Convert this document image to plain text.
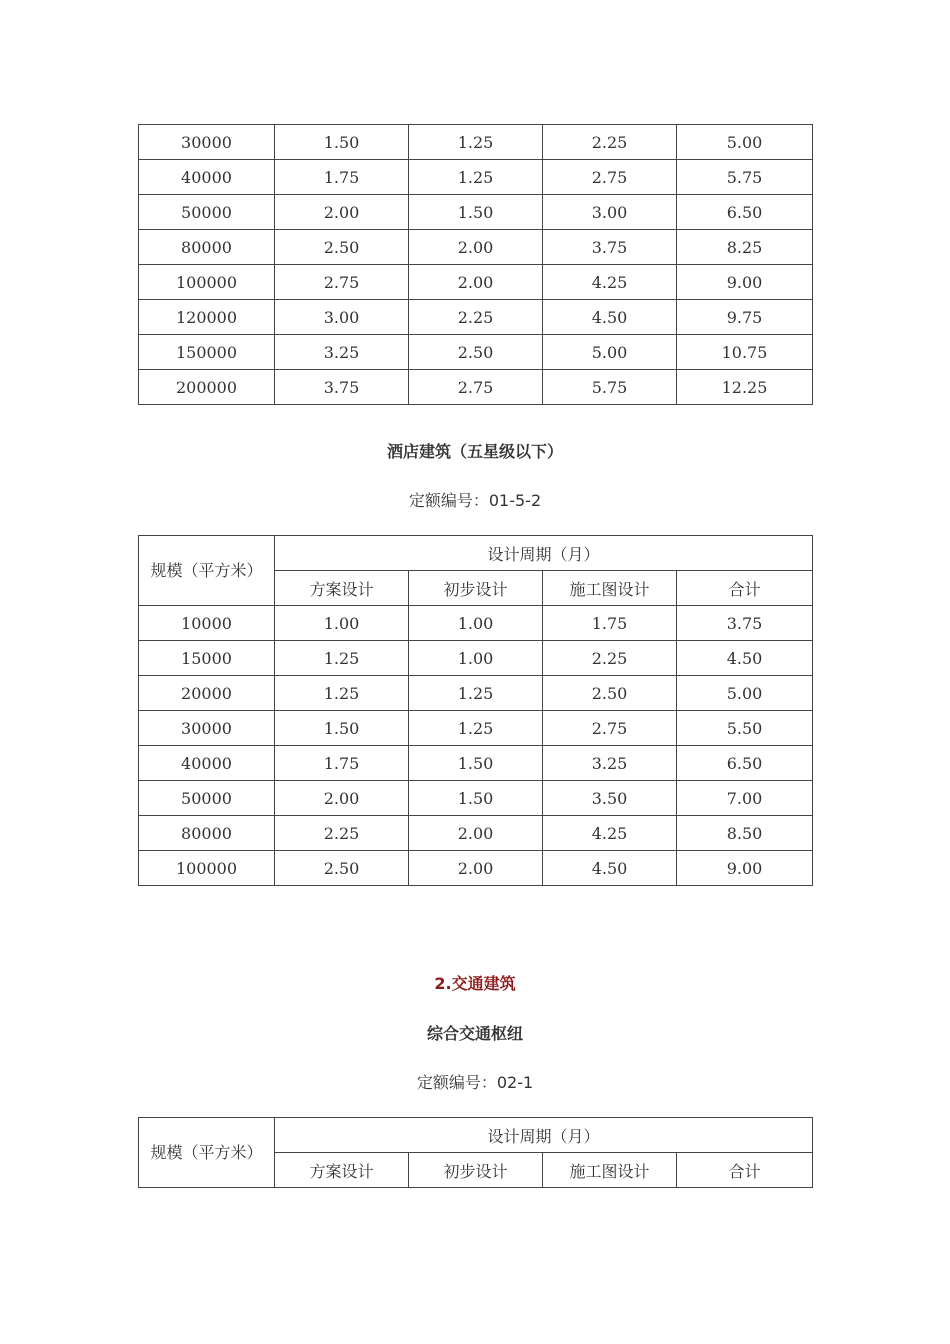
30000	1.50	1.25	2.25	5.00
40000	1.75	1.25	2.75	5.75
50000	2.00	1.50	3.00	6.50
80000	2.50	2.00	3.75	8.25
100000	2.75	2.00	4.25	9.00
120000	3.00	2.25	4.50	9.75
150000	3.25	2.50	5.00	10.75
200000	3.75	2.75	5.75	12.25
酒店建筑（五星级以下）
定额编号：01-5-2
规模（平方米）	设计周期（月）			
	方案设计	初步设计	施工图设计	合计
10000	1.00	1.00	1.75	3.75
15000	1.25	1.00	2.25	4.50
20000	1.25	1.25	2.50	5.00
30000	1.50	1.25	2.75	5.50
40000	1.75	1.50	3.25	6.50
50000	2.00	1.50	3.50	7.00
80000	2.25	2.00	4.25	8.50
100000	2.50	2.00	4.50	9.00
2.交通建筑
综合交通枢纽
定额编号：02-1
规模（平方米）	设计周期（月）			
	方案设计	初步设计	施工图设计	合计
